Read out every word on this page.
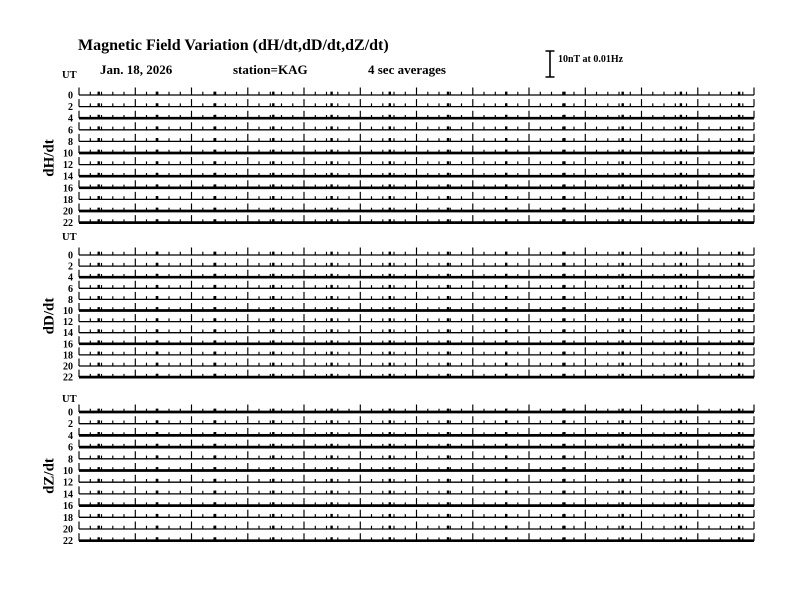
Magnetic Field Variation (dH/dt,dD/dt,dZ/dt)
Jan. 18, 2026	station=KAG	4 sec averages
10nT at 0.01Hz
UT
UT
UT
dH/dt
dD/dt
dZ/dt
0
2
4
6
8
10
12
14
16
18
20
22
0
2
4
6
8
10
12
14
16
18
20
22
0
2
4
6
8
10
12
14
16
18
20
22
